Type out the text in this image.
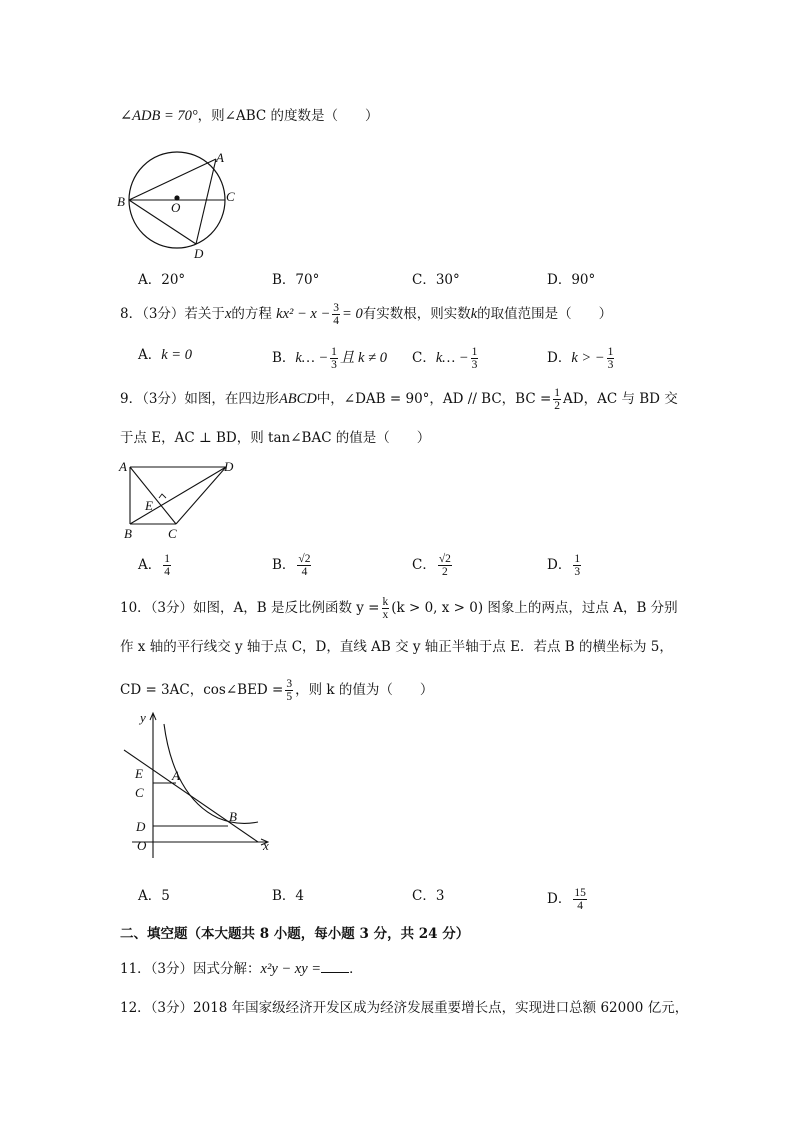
∠ADB = 70°，则∠ABC 的度数是（　　）
A
B	C
D
O
A．20°	B．70°	C．30°	D．90°
8．（3分）若关于x的方程 $kx^2 - x - \frac{3}{4} = 0$有实数根，则实数k的取值范围是（　　）
A．k = 0	B．k… − $\frac{1}{3}$ 且 k ≠ 0 C．k… − $\frac{1}{3}$	D．k > − $\frac{1}{3}$
9．（3分）如图，在四边形ABCD中，∠DAB = 90°，AD // BC，BC = $\frac{1}{2}$ AD，AC 与 BD 交
于点 E，AC ⊥ BD，则 tan∠BAC 的值是（　　）
A	D
E
B	C
A． $\frac{1}{4}$	B． $\frac{√2}{4}$	C． $\frac{√2}{2}$	D． $\frac{1}{3}$
10．（3分）如图，A，B 是反比例函数 $y = \frac{k}{x} (k > 0$, x > 0) 图象上的两点，过点 A，B 分别
作 x 轴的平行线交 y 轴于点 C，D，直线 AB 交 y 轴正半轴于点 E．若点 B 的横坐标为 5，
CD = 3AC，cos∠BED = $\frac{3}{5}$ ，则 k 的值为（　　）
y
E A
C
B
D
O	x
A．5	B．4	C．3	D． $\frac{15}{4}$
二、填空题（本大题共 8 小题，每小题 3 分，共 24 分）
11．（3分）因式分解：x²y − xy = ．
12．（3分）2018 年国家级经济开发区成为经济发展重要增长点，实现进口总额 62000 亿元，
